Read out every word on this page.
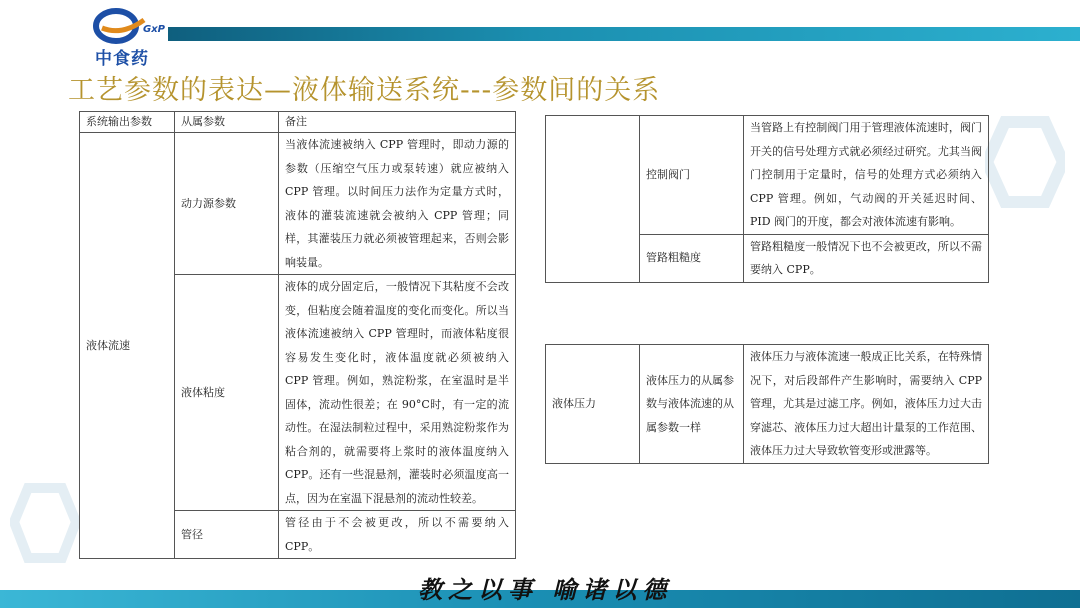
GxP
中食药
工艺参数的表达—液体输送系统---参数间的关系
系统输出参数	从属参数	备注
液体流速	动力源参数	当液体流速被纳入 CPP 管理时，即动力源的参数（压缩空气压力或泵转速）就应被纳入 CPP 管理。以时间压力法作为定量方式时，液体的灌装流速就会被纳入 CPP 管理；同样，其灌装压力就必须被管理起来，否则会影响装量。
	液体粘度	液体的成分固定后，一般情况下其粘度不会改变，但粘度会随着温度的变化而变化。所以当液体流速被纳入 CPP 管理时，而液体粘度很容易发生变化时，液体温度就必须被纳入 CPP 管理。例如，熟淀粉浆，在室温时是半固体，流动性很差；在 90°C时，有一定的流动性。在湿法制粒过程中，采用熟淀粉浆作为粘合剂的，就需要将上浆时的液体温度纳入 CPP。还有一些混悬剂，灌装时必须温度高一点，因为在室温下混悬剂的流动性较差。
	管径	管径由于不会被更改，所以不需要纳入 CPP。
	控制阀门	当管路上有控制阀门用于管理液体流速时，阀门开关的信号处理方式就必须经过研究。尤其当阀门控制用于定量时，信号的处理方式必须纳入 CPP 管理。例如，气动阀的开关延迟时间、PID 阀门的开度，都会对液体流速有影响。
	管路粗糙度	管路粗糙度一般情况下也不会被更改，所以不需要纳入 CPP。
液体压力	液体压力的从属参数与液体流速的从属参数一样	液体压力与液体流速一般成正比关系，在特殊情况下，对后段部件产生影响时，需要纳入 CPP 管理，尤其是过滤工序。例如，液体压力过大击穿滤芯、液体压力过大超出计量泵的工作范围、液体压力过大导致软管变形或泄露等。
教之以事 喻诸以德
